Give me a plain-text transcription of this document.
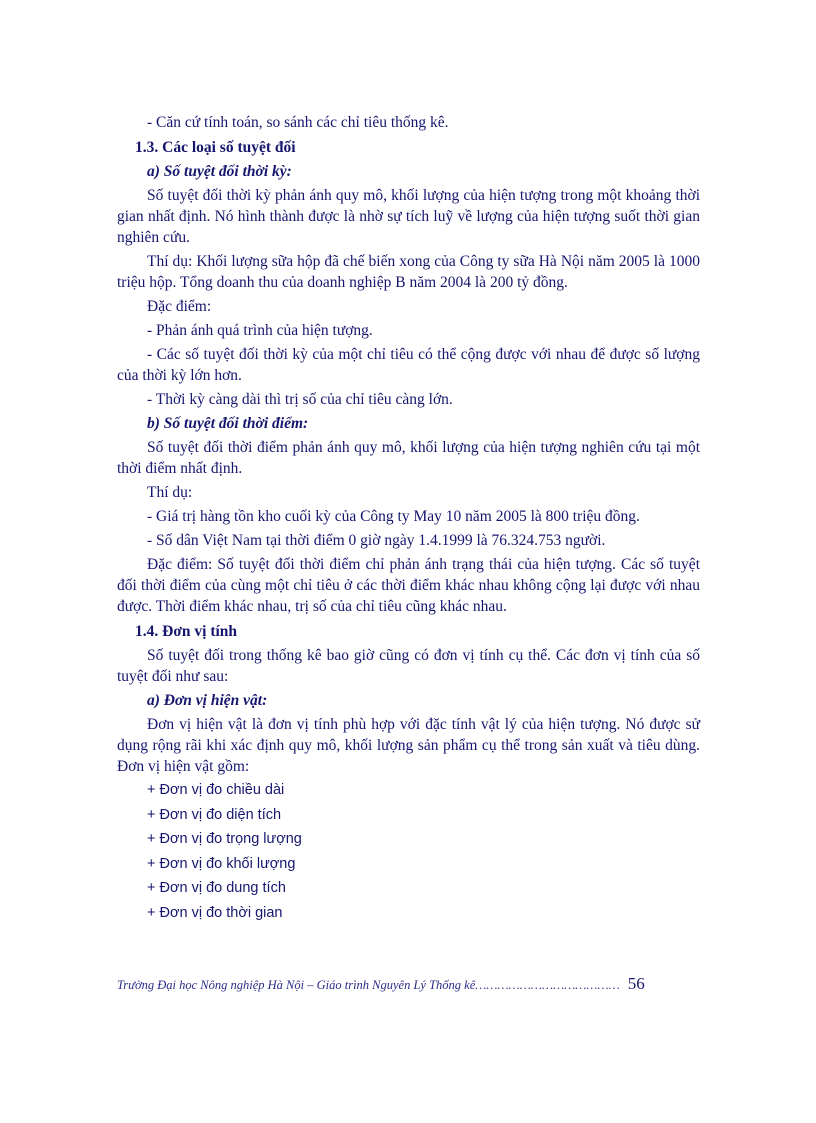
- Căn cứ tính toán, so sánh các chỉ tiêu thống kê.

1.3. Các loại số tuyệt đối
a) Số tuyệt đối thời kỳ:

Số tuyệt đối thời kỳ phản ánh quy mô, khối lượng của hiện tượng trong một khoảng thời gian nhất định. Nó hình thành được là nhờ sự tích luỹ về lượng của hiện tượng suốt thời gian nghiên cứu.

Thí dụ: Khối lượng sữa hộp đã chế biến xong của Công ty sữa Hà Nội năm 2005 là 1000 triệu hộp. Tổng doanh thu của doanh nghiệp B năm 2004 là 200 tỷ đồng.

Đặc điểm:

- Phản ánh quá trình của hiện tượng.

- Các số tuyệt đối thời kỳ của một chỉ tiêu có thể cộng được với nhau để được số lượng của thời kỳ lớn hơn.

- Thời kỳ càng dài thì trị số của chỉ tiêu càng lớn.

b) Số tuyệt đối thời điểm:

Số tuyệt đối thời điểm phản ánh quy mô, khối lượng của hiện tượng nghiên cứu tại một thời điểm nhất định.

Thí dụ:

- Giá trị hàng tồn kho cuối kỳ của Công ty May 10 năm 2005 là 800 triệu đồng.

- Số dân Việt Nam tại thời điểm 0 giờ ngày 1.4.1999 là 76.324.753 người.

Đặc điểm: Số tuyệt đối thời điểm chỉ phản ánh trạng thái của hiện tượng. Các số tuyệt đối thời điểm của cùng một chỉ tiêu ở các thời điểm khác nhau không cộng lại được với nhau được. Thời điểm khác nhau, trị số của chỉ tiêu cũng khác nhau.

1.4. Đơn vị tính

Số tuyệt đối trong thống kê bao giờ cũng có đơn vị tính cụ thể. Các đơn vị tính của số tuyệt đối như sau:

a) Đơn vị hiện vật:

Đơn vị hiện vật là đơn vị tính phù hợp với đặc tính vật lý của hiện tượng. Nó được sử dụng rộng rãi khi xác định quy mô, khối lượng sản phẩm cụ thể trong sản xuất và tiêu dùng. Đơn vị hiện vật gồm:

+ Đơn vị đo chiều dài
+ Đơn vị đo diện tích
+ Đơn vị đo trọng lượng
+ Đơn vị đo khối lượng
+ Đơn vị đo dung tích
+ Đơn vị đo thời gian
Trường Đại học Nông nghiệp Hà Nội – Giáo trình Nguyên Lý Thống kê………………………………… 56
